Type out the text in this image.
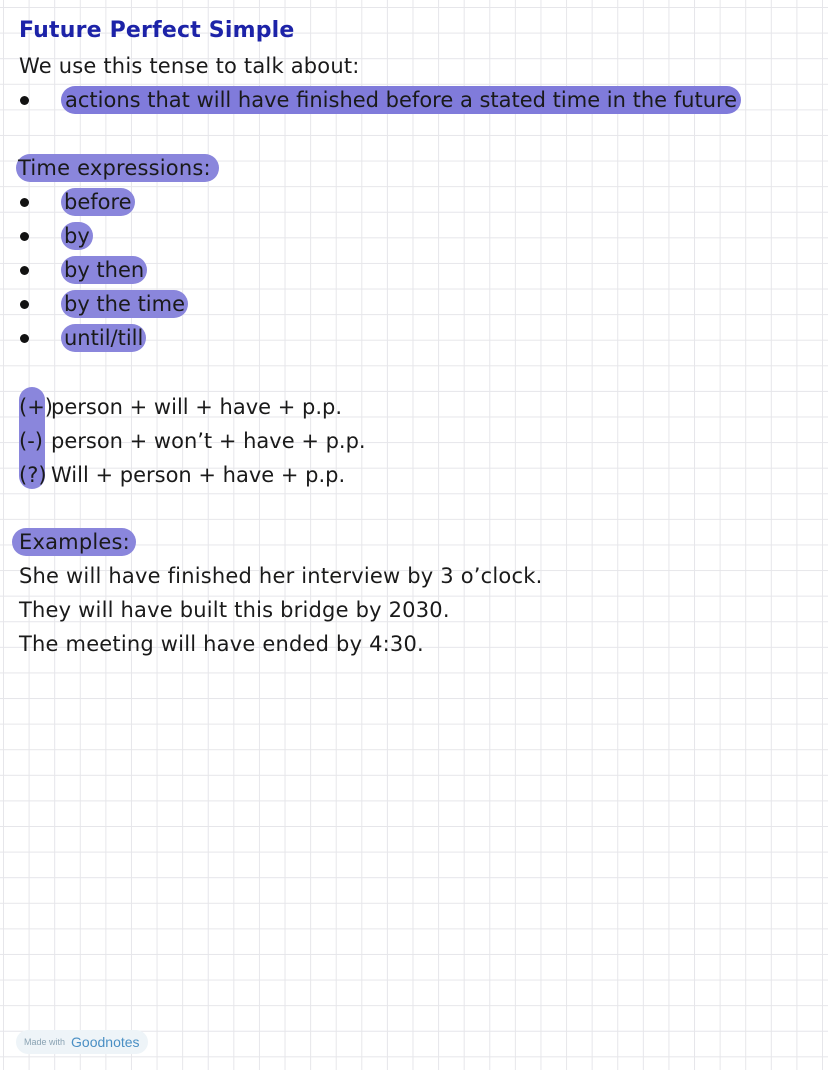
Future Perfect Simple
We use this tense to talk about:
actions that will have finished before a stated time in the future
Time expressions:
before
by
by then
by the time
until/till
(+)person + will + have + p.p.
(-) person + won’t + have + p.p.
(?) Will + person + have + p.p.
Examples:
She will have finished her interview by 3 o’clock.
They will have built this bridge by 2030.
The meeting will have ended by 4:30.
Made with Goodnotes
